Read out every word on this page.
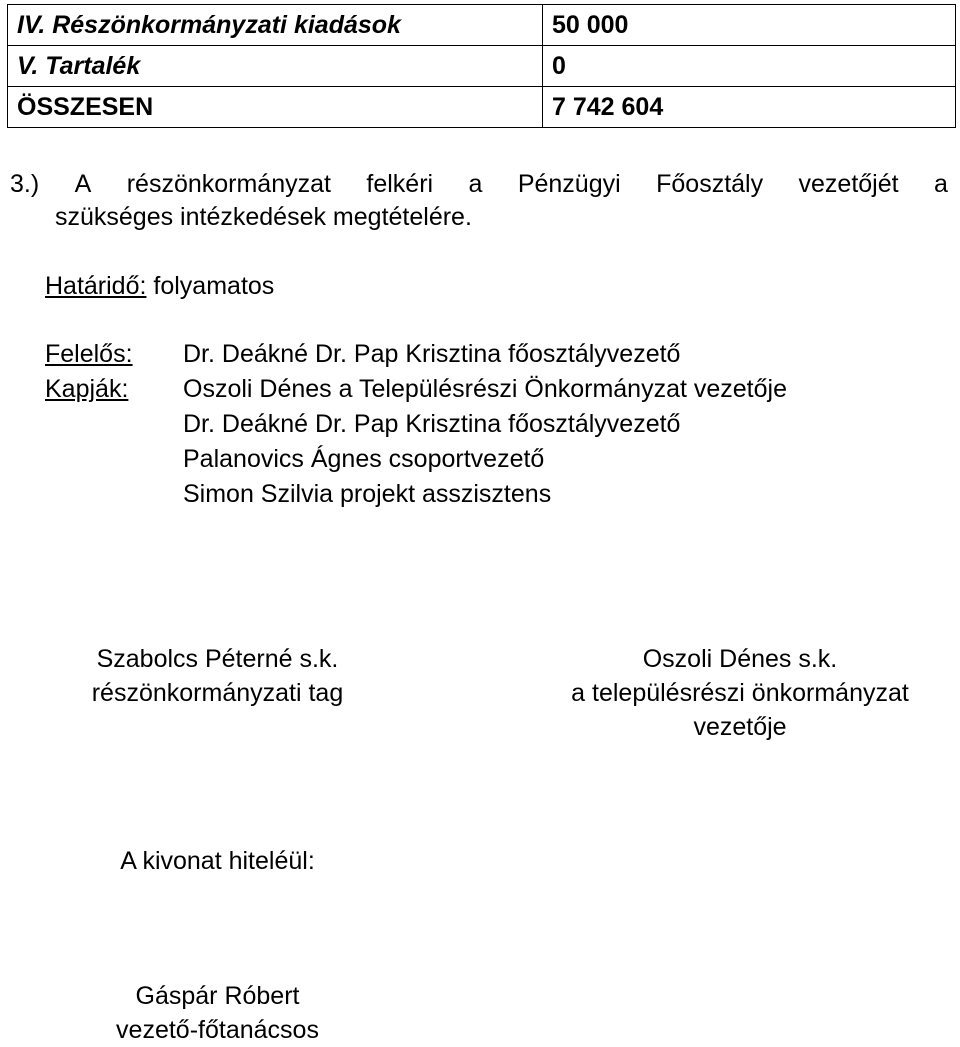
IV. Részönkormányzati kiadások	50 000
V. Tartalék	0
ÖSSZESEN	7 742 604
3.) A részönkormányzat felkéri a Pénzügyi Főosztály vezetőjét a
szükséges intézkedések megtételére.
Határidő: folyamatos
Felelős: Dr. Deákné Dr. Pap Krisztina főosztályvezető
Kapják: Oszoli Dénes a Településrészi Önkormányzat vezetője
Dr. Deákné Dr. Pap Krisztina főosztályvezető
Palanovics Ágnes csoportvezető
Simon Szilvia projekt asszisztens
Szabolcs Péterné s.k.
részönkormányzati tag
Oszoli Dénes s.k.
a településrészi önkormányzat
vezetője
A kivonat hiteléül:
Gáspár Róbert
vezető-főtanácsos
